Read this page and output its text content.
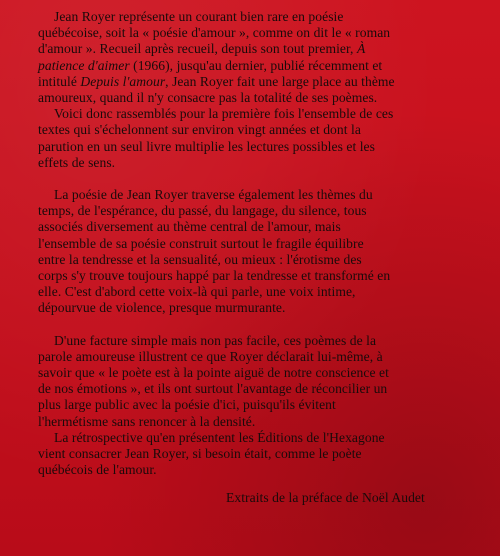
Jean Royer représente un courant bien rare en poésie
québécoise, soit la « poésie d'amour », comme on dit le « roman
d'amour ». Recueil après recueil, depuis son tout premier, À
patience d'aimer (1966), jusqu'au dernier, publié récemment et
intitulé Depuis l'amour, Jean Royer fait une large place au thème
amoureux, quand il n'y consacre pas la totalité de ses poèmes.
Voici donc rassemblés pour la première fois l'ensemble de ces
textes qui s'échelonnent sur environ vingt années et dont la
parution en un seul livre multiplie les lectures possibles et les
effets de sens.
La poésie de Jean Royer traverse également les thèmes du
temps, de l'espérance, du passé, du langage, du silence, tous
associés diversement au thème central de l'amour, mais
l'ensemble de sa poésie construit surtout le fragile équilibre
entre la tendresse et la sensualité, ou mieux : l'érotisme des
corps s'y trouve toujours happé par la tendresse et transformé en
elle. C'est d'abord cette voix-là qui parle, une voix intime,
dépourvue de violence, presque murmurante.
D'une facture simple mais non pas facile, ces poèmes de la
parole amoureuse illustrent ce que Royer déclarait lui-même, à
savoir que « le poète est à la pointe aiguë de notre conscience et
de nos émotions », et ils ont surtout l'avantage de réconcilier un
plus large public avec la poésie d'ici, puisqu'ils évitent
l'hermétisme sans renoncer à la densité.
La rétrospective qu'en présentent les Éditions de l'Hexagone
vient consacrer Jean Royer, si besoin était, comme le poète
québécois de l'amour.

Extraits de la préface de Noël Audet
